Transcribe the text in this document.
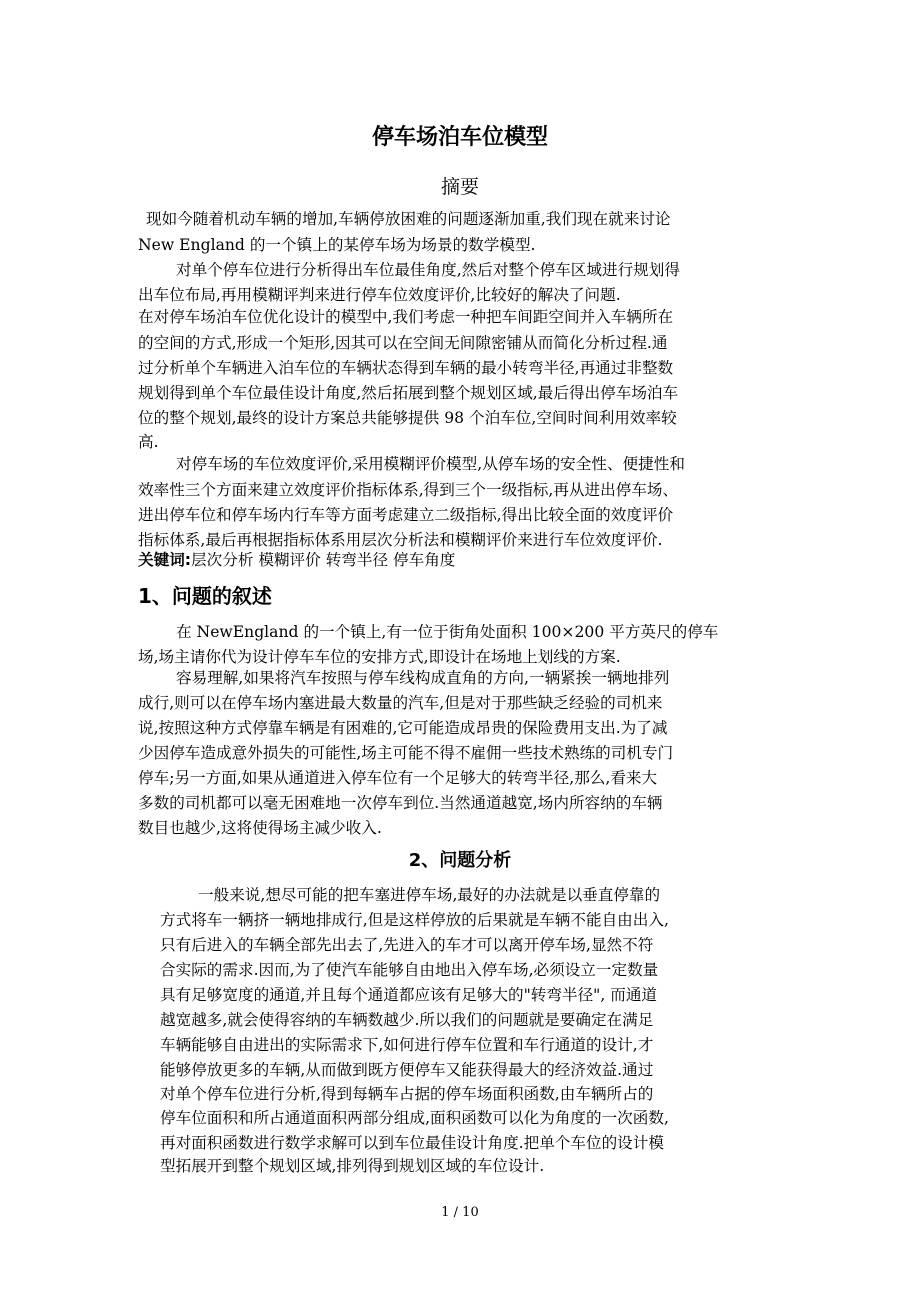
停车场泊车位模型
摘要
现如今随着机动车辆的增加,车辆停放困难的问题逐渐加重,我们现在就来讨论
New England 的一个镇上的某停车场为场景的数学模型.
对单个停车位进行分析得出车位最佳角度,然后对整个停车区域进行规划得
出车位布局,再用模糊评判来进行停车位效度评价,比较好的解决了问题.
在对停车场泊车位优化设计的模型中,我们考虑一种把车间距空间并入车辆所在
的空间的方式,形成一个矩形,因其可以在空间无间隙密铺从而简化分析过程.通
过分析单个车辆进入泊车位的车辆状态得到车辆的最小转弯半径,再通过非整数
规划得到单个车位最佳设计角度,然后拓展到整个规划区域,最后得出停车场泊车
位的整个规划,最终的设计方案总共能够提供 98 个泊车位,空间时间利用效率较
高.
对停车场的车位效度评价,采用模糊评价模型,从停车场的安全性、便捷性和
效率性三个方面来建立效度评价指标体系,得到三个一级指标,再从进出停车场、
进出停车位和停车场内行车等方面考虑建立二级指标,得出比较全面的效度评价
指标体系,最后再根据指标体系用层次分析法和模糊评价来进行车位效度评价.
关键词:层次分析 模糊评价 转弯半径 停车角度
1、问题的叙述
在 NewEngland 的一个镇上,有一位于街角处面积 100×200 平方英尺的停车
场,场主请你代为设计停车车位的安排方式,即设计在场地上划线的方案.
容易理解,如果将汽车按照与停车线构成直角的方向,一辆紧挨一辆地排列
成行,则可以在停车场内塞进最大数量的汽车,但是对于那些缺乏经验的司机来
说,按照这种方式停靠车辆是有困难的,它可能造成昂贵的保险费用支出.为了减
少因停车造成意外损失的可能性,场主可能不得不雇佣一些技术熟练的司机专门
停车;另一方面,如果从通道进入停车位有一个足够大的转弯半径,那么,看来大
多数的司机都可以毫无困难地一次停车到位.当然通道越宽,场内所容纳的车辆
数目也越少,这将使得场主减少收入.
2、问题分析
一般来说,想尽可能的把车塞进停车场,最好的办法就是以垂直停靠的
方式将车一辆挤一辆地排成行,但是这样停放的后果就是车辆不能自由出入,
只有后进入的车辆全部先出去了,先进入的车才可以离开停车场,显然不符
合实际的需求.因而,为了使汽车能够自由地出入停车场,必须设立一定数量
具有足够宽度的通道,并且每个通道都应该有足够大的"转弯半径", 而通道
越宽越多,就会使得容纳的车辆数越少.所以我们的问题就是要确定在满足
车辆能够自由进出的实际需求下,如何进行停车位置和车行通道的设计,才
能够停放更多的车辆,从而做到既方便停车又能获得最大的经济效益.通过
对单个停车位进行分析,得到每辆车占据的停车场面积函数,由车辆所占的
停车位面积和所占通道面积两部分组成,面积函数可以化为角度的一次函数,
再对面积函数进行数学求解可以到车位最佳设计角度.把单个车位的设计模
型拓展开到整个规划区域,排列得到规划区域的车位设计.
1 / 10
